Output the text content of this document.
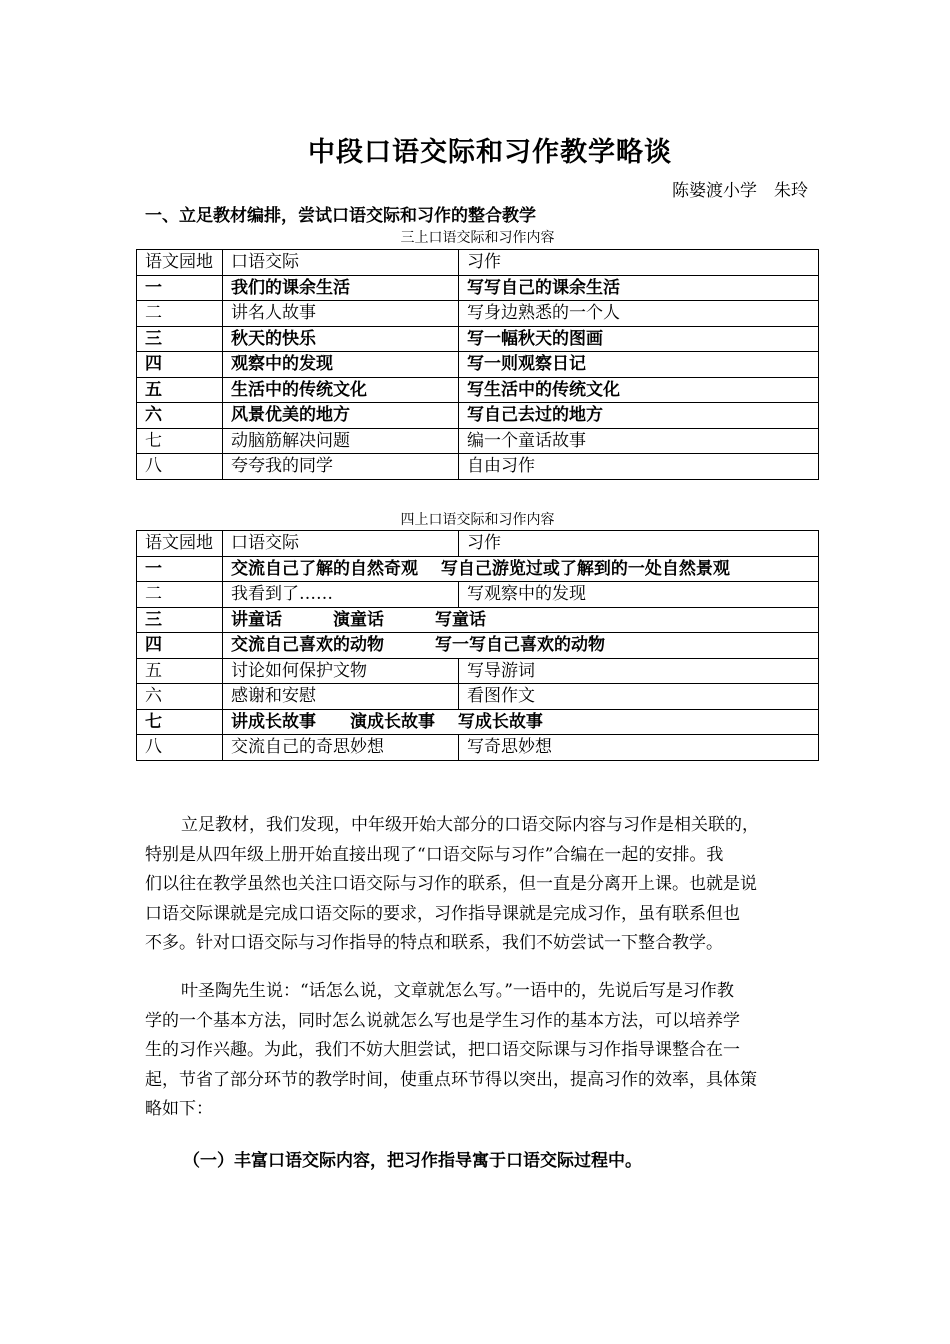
中段口语交际和习作教学略谈
陈婆渡小学　朱玲
一、立足教材编排，尝试口语交际和习作的整合教学
三上口语交际和习作内容
语文园地	口语交际	习作
一	我们的课余生活	写写自己的课余生活
二	讲名人故事	写身边熟悉的一个人
三	秋天的快乐	写一幅秋天的图画
四	观察中的发现	写一则观察日记
五	生活中的传统文化	写生活中的传统文化
六	风景优美的地方	写自己去过的地方
七	动脑筋解决问题	编一个童话故事
八	夸夸我的同学	自由习作
四上口语交际和习作内容
语文园地	口语交际	习作
一	交流自己了解的自然奇观　 写自己游览过或了解到的一处自然景观	
二	我看到了……	写观察中的发现
三	讲童话　　　演童话　　　写童话	
四	交流自己喜欢的动物　　　写一写自己喜欢的动物	
五	讨论如何保护文物	写导游词
六	感谢和安慰	看图作文
七	讲成长故事　　演成长故事　 写成长故事	
八	交流自己的奇思妙想	写奇思妙想
立足教材，我们发现，中年级开始大部分的口语交际内容与习作是相关联的，
特别是从四年级上册开始直接出现了“口语交际与习作”合编在一起的安排。我
们以往在教学虽然也关注口语交际与习作的联系，但一直是分离开上课。也就是说
口语交际课就是完成口语交际的要求，习作指导课就是完成习作，虽有联系但也
不多。针对口语交际与习作指导的特点和联系，我们不妨尝试一下整合教学。
叶圣陶先生说：“话怎么说，文章就怎么写。”一语中的，先说后写是习作教
学的一个基本方法，同时怎么说就怎么写也是学生习作的基本方法，可以培养学
生的习作兴趣。为此，我们不妨大胆尝试，把口语交际课与习作指导课整合在一
起，节省了部分环节的教学时间，使重点环节得以突出，提高习作的效率，具体策
略如下：
（一）丰富口语交际内容，把习作指导寓于口语交际过程中。
